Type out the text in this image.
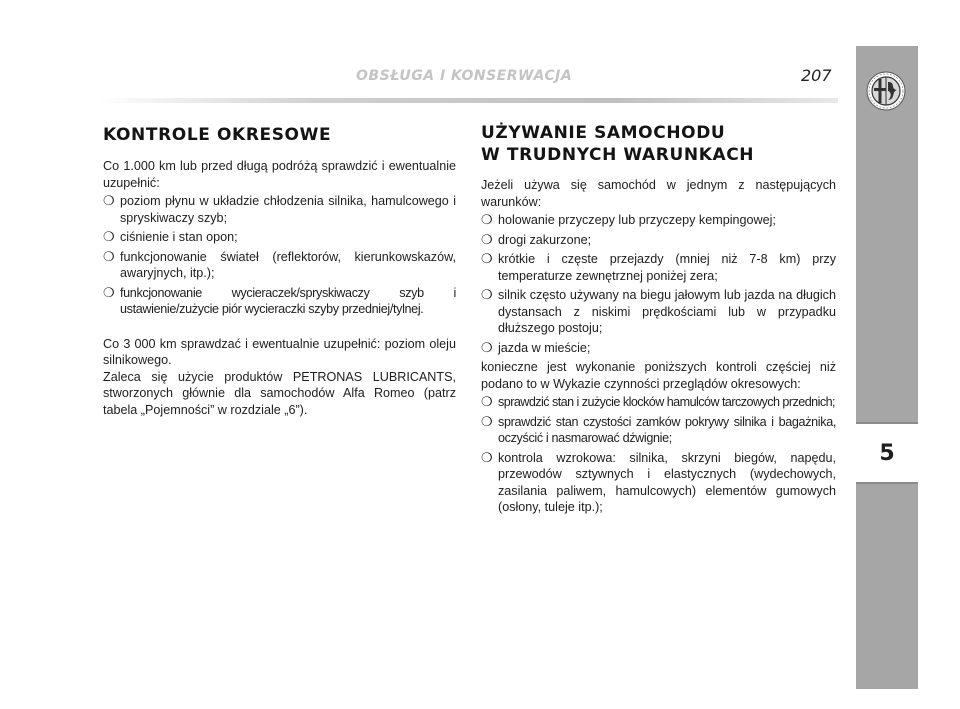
OBSŁUGA I KONSERWACJA	207
5
KONTROLE OKRESOWE

Co 1.000 km lub przed długą podróżą sprawdzić i ewentualnie uzupełnić:

❍ poziom płynu w układzie chłodzenia silnika, hamulcowego i spryskiwaczy szyb;
❍ ciśnienie i stan opon;
❍ funkcjonowanie świateł (reflektorów, kierunkowskazów, awaryjnych, itp.);
❍ funkcjonowanie wycieraczek/spryskiwaczy szyb i ustawienie/zużycie piór wycieraczki szyby przedniej/tylnej.

Co 3 000 km sprawdzać i ewentualnie uzupełnić: poziom oleju silnikowego.

Zaleca się użycie produktów PETRONAS LUBRICANTS, stworzonych głównie dla samochodów Alfa Romeo (patrz tabela „Pojemności” w rozdziale „6”).

UŻYWANIE SAMOCHODU
W TRUDNYCH WARUNKACH

Jeżeli używa się samochód w jednym z następujących warunków:

❍ holowanie przyczepy lub przyczepy kempingowej;
❍ drogi zakurzone;
❍ krótkie i częste przejazdy (mniej niż 7-8 km) przy temperaturze zewnętrznej poniżej zera;
❍ silnik często używany na biegu jałowym lub jazda na długich dystansach z niskimi prędkościami lub w przypadku dłuższego postoju;
❍ jazda w mieście;

konieczne jest wykonanie poniższych kontroli częściej niż podano to w Wykazie czynności przeglądów okresowych:

❍ sprawdzić stan i zużycie klocków hamulców tarczowych przednich;
❍ sprawdzić stan czystości zamków pokrywy silnika i bagażnika, oczyścić i nasmarować dźwignie;
❍ kontrola wzrokowa: silnika, skrzyni biegów, napędu, przewodów sztywnych i elastycznych (wydechowych, zasilania paliwem, hamulcowych) elementów gumowych (osłony, tuleje itp.);
